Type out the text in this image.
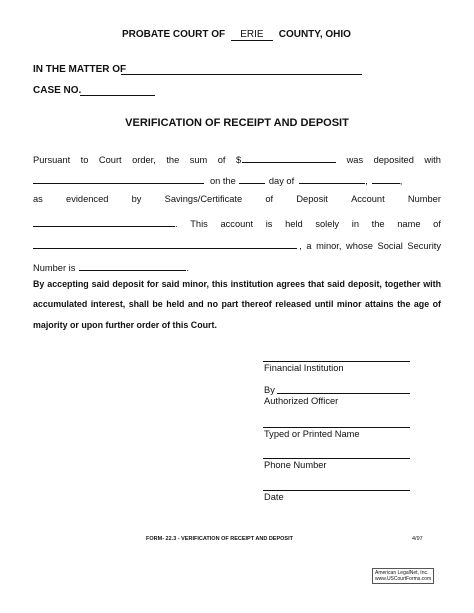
PROBATE COURT OF ERIE COUNTY, OHIO
IN THE MATTER OF
CASE NO.
VERIFICATION OF RECEIPT AND DEPOSIT
Pursuant to Court order, the sum of $	was deposited with
on the	day of	,	,
as evidenced by Savings/Certificate of Deposit Account Number
. This account is held solely in the name of
, a minor, whose Social Security
Number is	.
By accepting said deposit for said minor, this institution agrees that said deposit, together with
accumulated interest, shall be held and no part thereof released until minor attains the age of
majority or upon further order of this Court.
Financial Institution
By
Authorized Officer
Typed or Printed Name
Phone Number
Date
FORM- 22.3 - VERIFICATION OF RECEIPT AND DEPOSIT	4/97
American LegalNet, Inc.
www.USCourtForms.com
